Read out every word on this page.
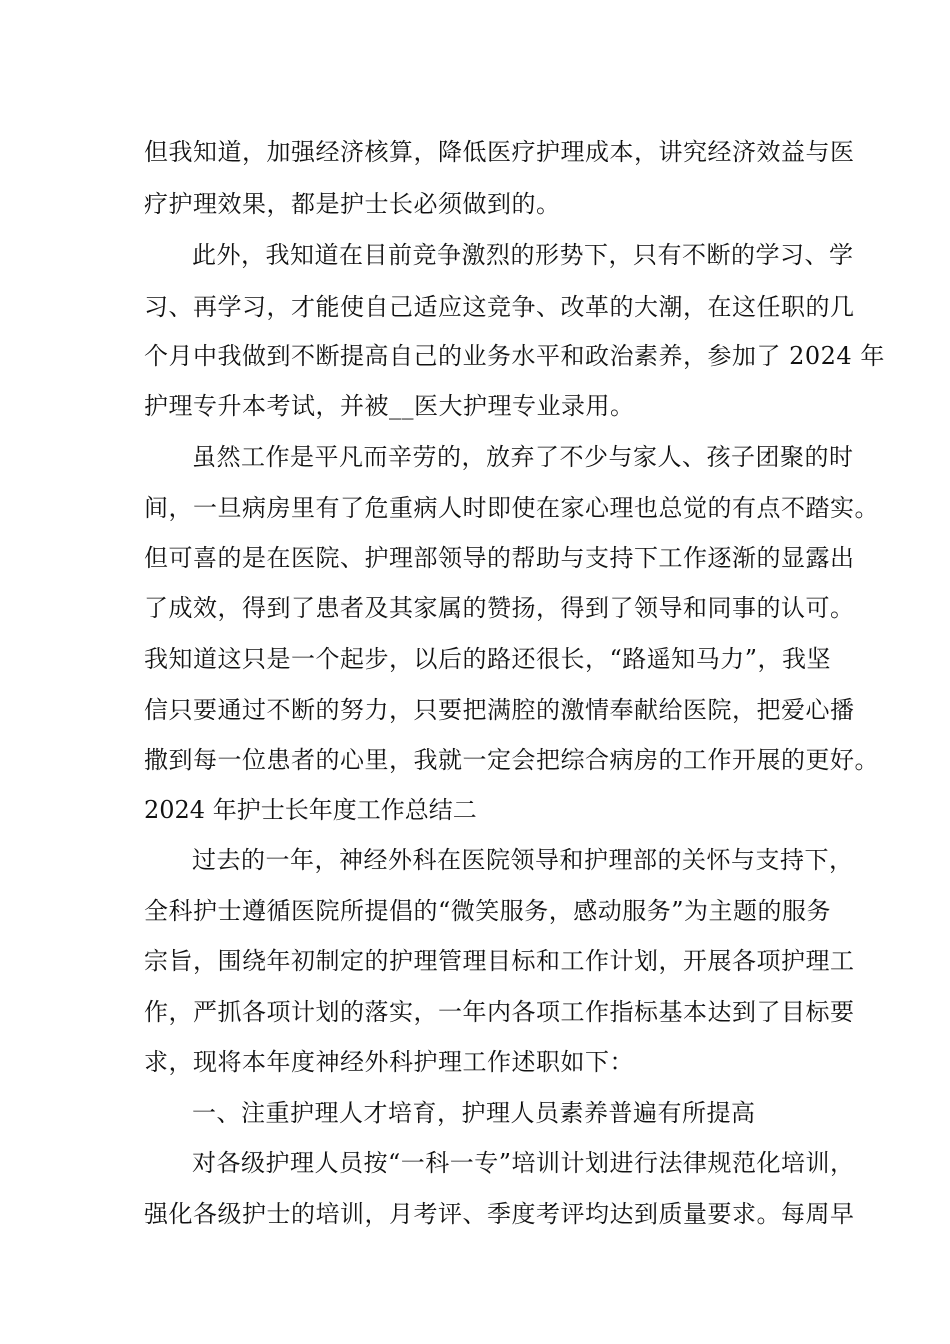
但我知道，加强经济核算，降低医疗护理成本，讲究经济效益与医
疗护理效果，都是护士长必须做到的。
此外，我知道在目前竞争激烈的形势下，只有不断的学习、学
习、再学习，才能使自己适应这竞争、改革的大潮，在这任职的几
个月中我做到不断提高自己的业务水平和政治素养，参加了 2024 年
护理专升本考试，并被__医大护理专业录用。
虽然工作是平凡而辛劳的，放弃了不少与家人、孩子团聚的时
间，一旦病房里有了危重病人时即使在家心理也总觉的有点不踏实。
但可喜的是在医院、护理部领导的帮助与支持下工作逐渐的显露出
了成效，得到了患者及其家属的赞扬，得到了领导和同事的认可。
我知道这只是一个起步，以后的路还很长，“路遥知马力”，我坚
信只要通过不断的努力，只要把满腔的激情奉献给医院，把爱心播
撒到每一位患者的心里，我就一定会把综合病房的工作开展的更好。
2024 年护士长年度工作总结二
过去的一年，神经外科在医院领导和护理部的关怀与支持下，
全科护士遵循医院所提倡的“微笑服务，感动服务”为主题的服务
宗旨，围绕年初制定的护理管理目标和工作计划，开展各项护理工
作，严抓各项计划的落实，一年内各项工作指标基本达到了目标要
求，现将本年度神经外科护理工作述职如下：
一、注重护理人才培育，护理人员素养普遍有所提高
对各级护理人员按“一科一专”培训计划进行法律规范化培训，
强化各级护士的培训，月考评、季度考评均达到质量要求。每周早
